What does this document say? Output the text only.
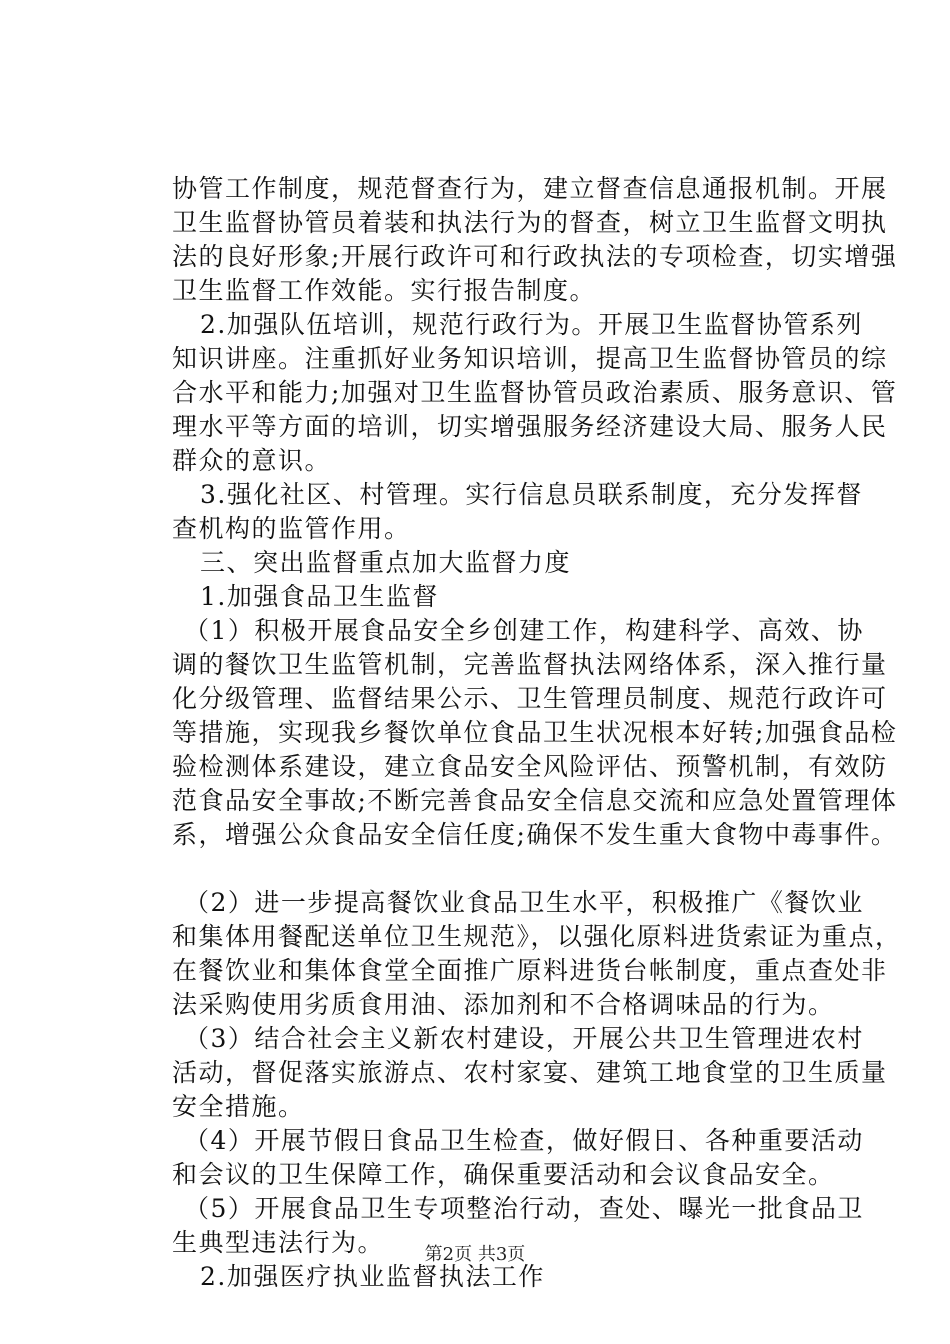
协管工作制度，规范督查行为，建立督查信息通报机制。开展
卫生监督协管员着装和执法行为的督查，树立卫生监督文明执
法的良好形象;开展行政许可和行政执法的专项检查，切实增强
卫生监督工作效能。实行报告制度。
2.加强队伍培训，规范行政行为。开展卫生监督协管系列
知识讲座。注重抓好业务知识培训，提高卫生监督协管员的综
合水平和能力;加强对卫生监督协管员政治素质、服务意识、管
理水平等方面的培训，切实增强服务经济建设大局、服务人民
群众的意识。
3.强化社区、村管理。实行信息员联系制度，充分发挥督
查机构的监管作用。
三、突出监督重点加大监督力度
1.加强食品卫生监督
（1）积极开展食品安全乡创建工作，构建科学、高效、协
调的餐饮卫生监管机制，完善监督执法网络体系，深入推行量
化分级管理、监督结果公示、卫生管理员制度、规范行政许可
等措施，实现我乡餐饮单位食品卫生状况根本好转;加强食品检
验检测体系建设，建立食品安全风险评估、预警机制，有效防
范食品安全事故;不断完善食品安全信息交流和应急处置管理体
系，增强公众食品安全信任度;确保不发生重大食物中毒事件。
（2）进一步提高餐饮业食品卫生水平，积极推广《餐饮业
和集体用餐配送单位卫生规范》，以强化原料进货索证为重点，
在餐饮业和集体食堂全面推广原料进货台帐制度，重点查处非
法采购使用劣质食用油、添加剂和不合格调味品的行为。
（3）结合社会主义新农村建设，开展公共卫生管理进农村
活动，督促落实旅游点、农村家宴、建筑工地食堂的卫生质量
安全措施。
（4）开展节假日食品卫生检查，做好假日、各种重要活动
和会议的卫生保障工作，确保重要活动和会议食品安全。
（5）开展食品卫生专项整治行动，查处、曝光一批食品卫
生典型违法行为。
2.加强医疗执业监督执法工作
第2页 共3页
